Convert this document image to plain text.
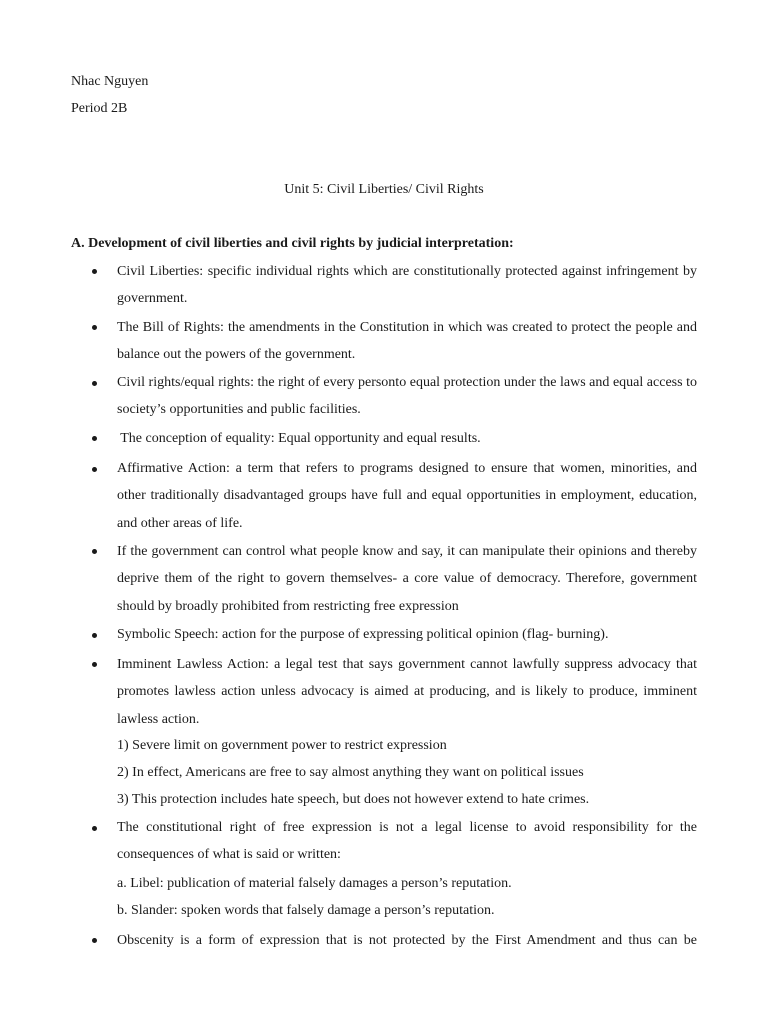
Nhac Nguyen
Period 2B
Unit 5: Civil Liberties/ Civil Rights
A. Development of civil liberties and civil rights by judicial interpretation:
Civil Liberties: specific individual rights which are constitutionally protected against infringement by government.
The Bill of Rights: the amendments in the Constitution in which was created to protect the people and balance out the powers of the government.
Civil rights/equal rights: the right of every personto equal protection under the laws and equal access to society’s opportunities and public facilities.
The conception of equality: Equal opportunity and equal results.
Affirmative Action: a term that refers to programs designed to ensure that women, minorities, and other traditionally disadvantaged groups have full and equal opportunities in employment, education, and other areas of life.
If the government can control what people know and say, it can manipulate their opinions and thereby deprive them of the right to govern themselves- a core value of democracy. Therefore, government should by broadly prohibited from restricting free expression
Symbolic Speech: action for the purpose of expressing political opinion (flag- burning).
Imminent Lawless Action: a legal test that says government cannot lawfully suppress advocacy that promotes lawless action unless advocacy is aimed at producing, and is likely to produce, imminent lawless action.
1) Severe limit on government power to restrict expression
2) In effect, Americans are free to say almost anything they want on political issues
3) This protection includes hate speech, but does not however extend to hate crimes.
The constitutional right of free expression is not a legal license to avoid responsibility for the consequences of what is said or written:
a. Libel: publication of material falsely damages a person’s reputation.
b. Slander: spoken words that falsely damage a person’s reputation.
Obscenity is a form of expression that is not protected by the First Amendment and thus can be
